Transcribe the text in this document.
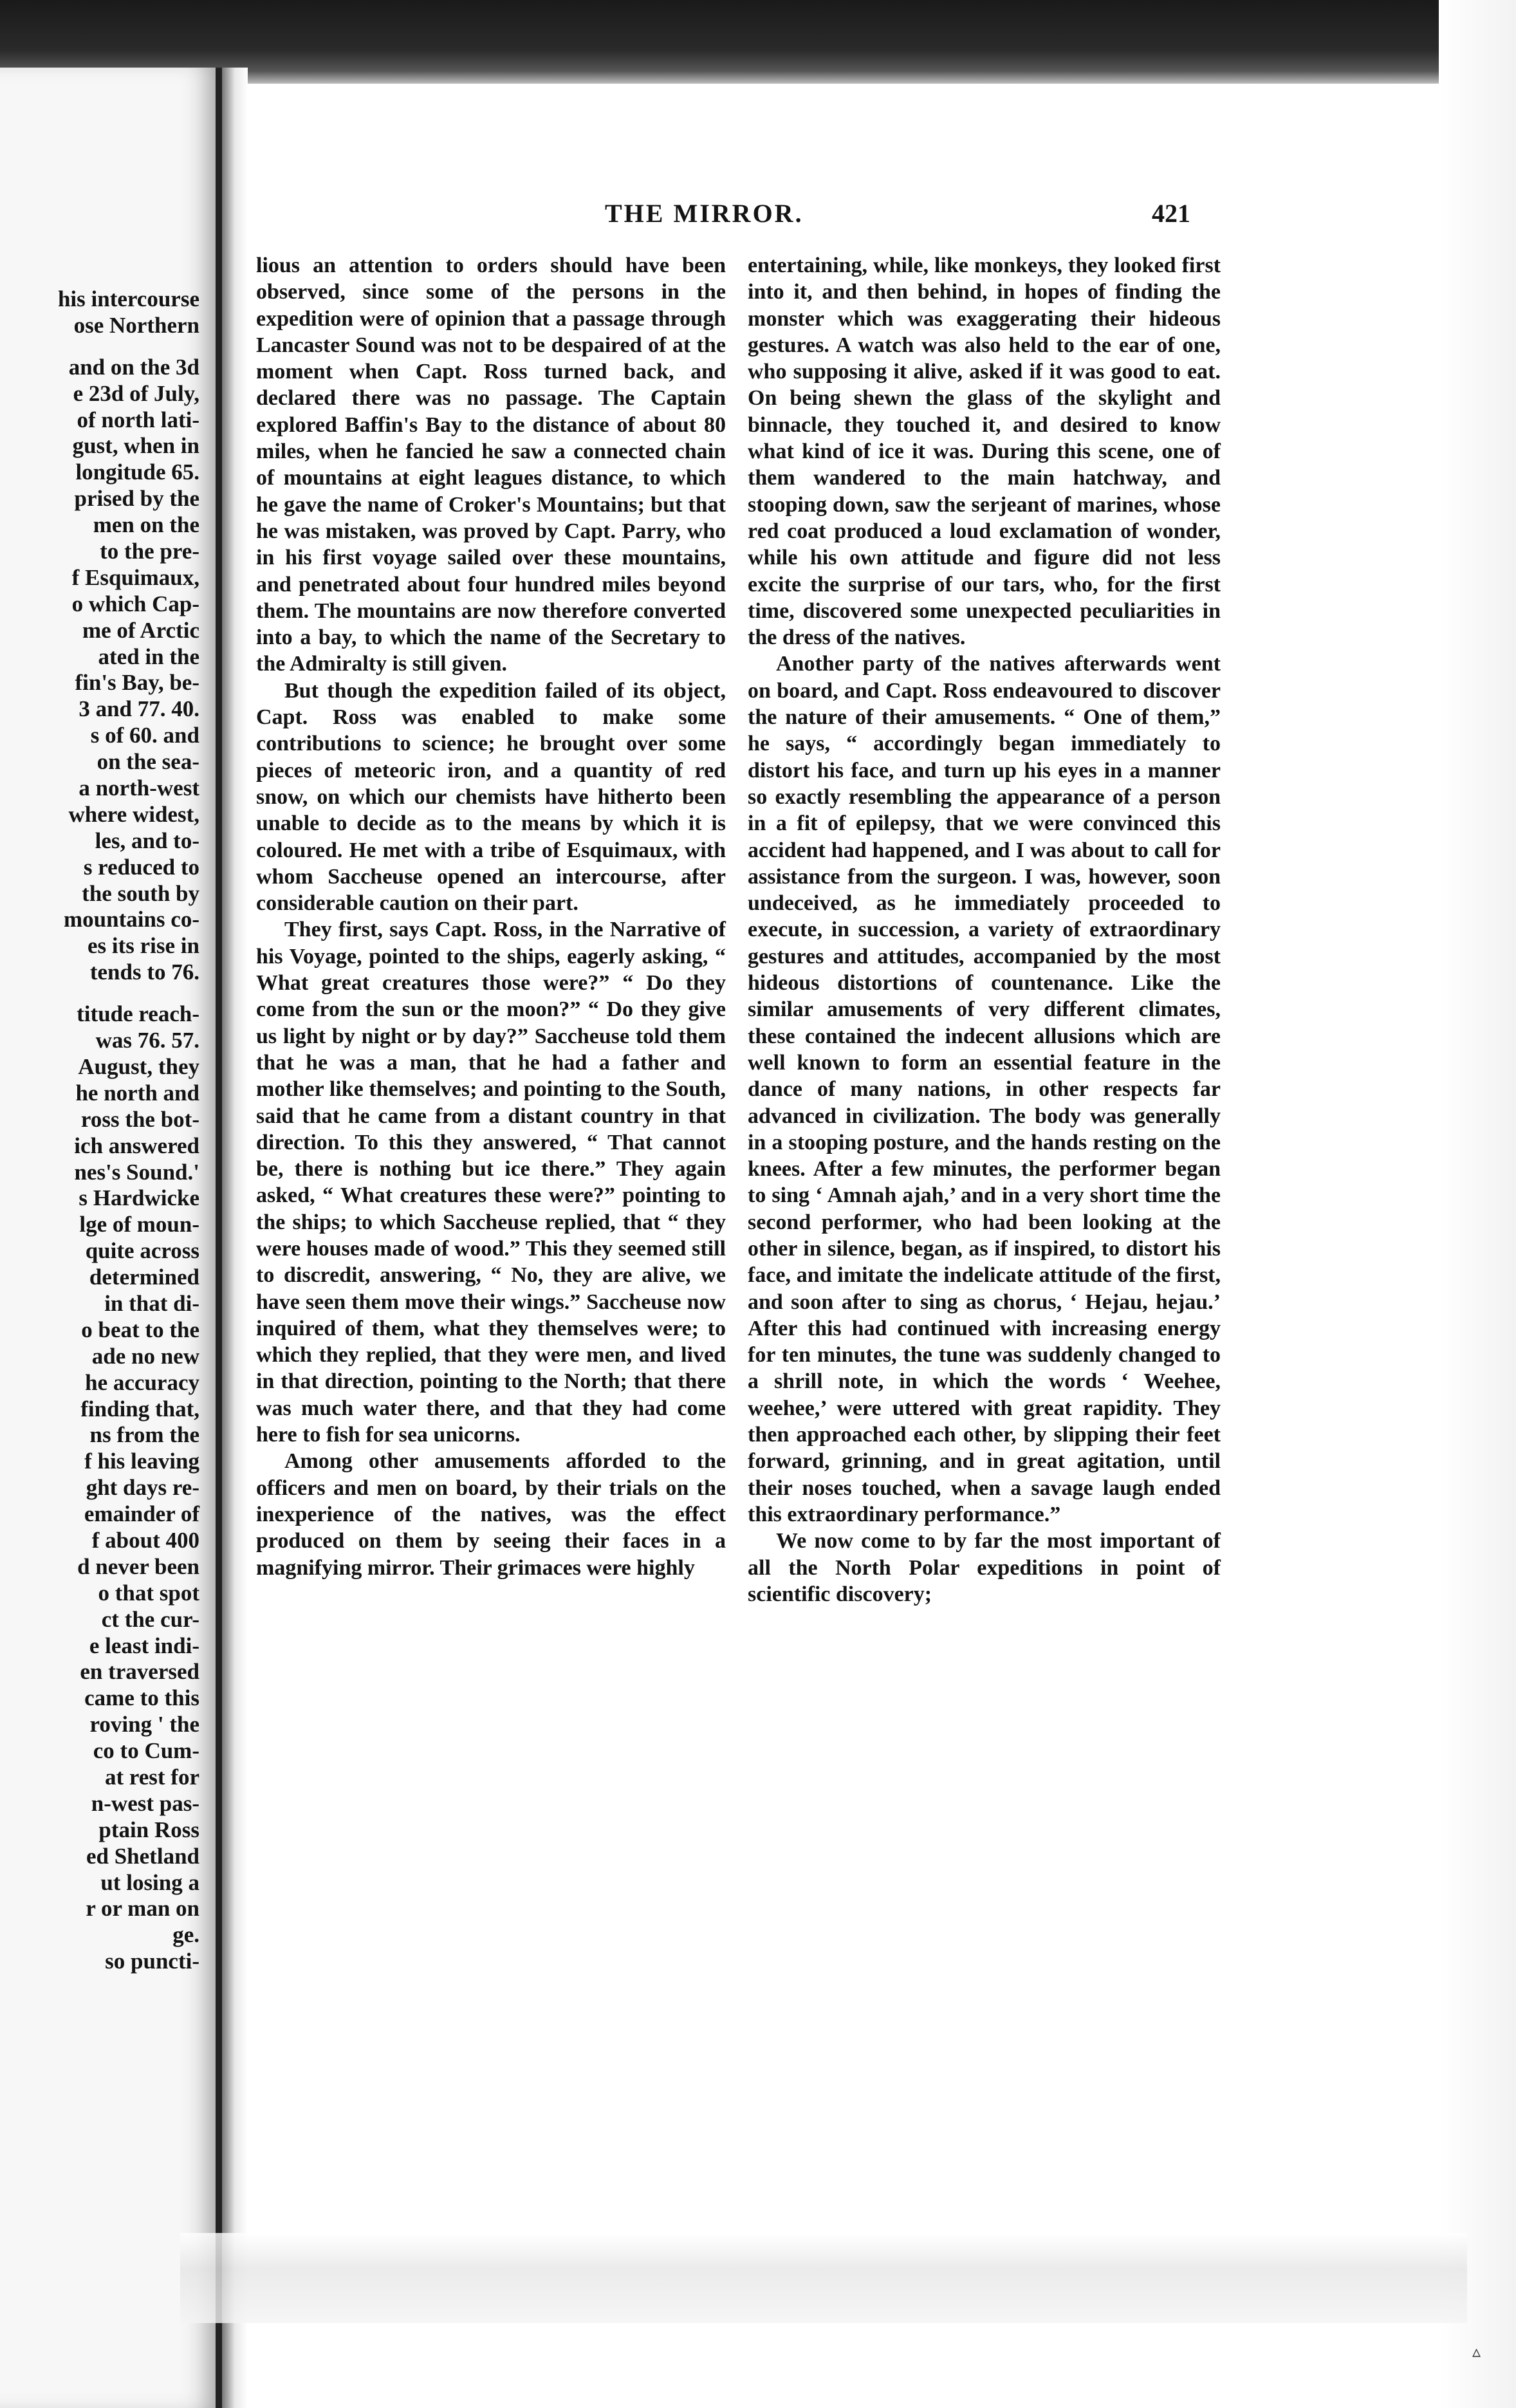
his intercourse
ose Northern
and on the 3d
e 23d of July,
of north lati-
gust, when in
longitude 65.
prised by the
men on the
to the pre-
f Esquimaux,
o which Cap-
me of Arctic
ated in the
fin's Bay, be-
3 and 77. 40.
s of 60. and
on the sea-
a north-west
where widest,
les, and to-
s reduced to
the south by
mountains co-
es its rise in
tends to 76.
titude reach-
was 76. 57.
August, they
he north and
ross the bot-
ich answered
nes's Sound.'
s Hardwicke
lge of moun-
quite across
determined
in that di-
o beat to the
ade no new
he accuracy
finding that,
ns from the
f his leaving
ght days re-
emainder of
f about 400
d never been
o that spot
ct the cur-
e least indi-
en traversed
came to this
roving ' the
co to Cum-
at rest for
n-west pas-
ptain Ross
ed Shetland
ut losing a
r or man on
ge.
so puncti-
THE MIRROR.	421

lious an attention to orders should have been observed, since some of the persons in the expedition were of opinion that a passage through Lancaster Sound was not to be despaired of at the moment when Capt. Ross turned back, and declared there was no passage. The Captain explored Baffin's Bay to the distance of about 80 miles, when he fancied he saw a connected chain of mountains at eight leagues distance, to which he gave the name of Croker's Mountains; but that he was mistaken, was proved by Capt. Parry, who in his first voyage sailed over these mountains, and penetrated about four hundred miles beyond them. The mountains are now therefore converted into a bay, to which the name of the Secretary to the Admiralty is still given.

But though the expedition failed of its object, Capt. Ross was enabled to make some contributions to science; he brought over some pieces of meteoric iron, and a quantity of red snow, on which our chemists have hitherto been unable to decide as to the means by which it is coloured. He met with a tribe of Esquimaux, with whom Saccheuse opened an intercourse, after considerable caution on their part.

They first, says Capt. Ross, in the Narrative of his Voyage, pointed to the ships, eagerly asking, “ What great creatures those were?” “ Do they come from the sun or the moon?” “ Do they give us light by night or by day?” Saccheuse told them that he was a man, that he had a father and mother like themselves; and pointing to the South, said that he came from a distant country in that direction. To this they answered, “ That cannot be, there is nothing but ice there.” They again asked, “ What creatures these were?” pointing to the ships; to which Saccheuse replied, that “ they were houses made of wood.” This they seemed still to discredit, answering, “ No, they are alive, we have seen them move their wings.” Saccheuse now inquired of them, what they themselves were; to which they replied, that they were men, and lived in that direction, pointing to the North; that there was much water there, and that they had come here to fish for sea unicorns.

Among other amusements afforded to the officers and men on board, by their trials on the inexperience of the natives, was the effect produced on them by seeing their faces in a magnifying mirror. Their grimaces were highly

entertaining, while, like monkeys, they looked first into it, and then behind, in hopes of finding the monster which was exaggerating their hideous gestures. A watch was also held to the ear of one, who supposing it alive, asked if it was good to eat. On being shewn the glass of the skylight and binnacle, they touched it, and desired to know what kind of ice it was. During this scene, one of them wandered to the main hatchway, and stooping down, saw the serjeant of marines, whose red coat produced a loud exclamation of wonder, while his own attitude and figure did not less excite the surprise of our tars, who, for the first time, discovered some unexpected peculiarities in the dress of the natives.

Another party of the natives afterwards went on board, and Capt. Ross endeavoured to discover the nature of their amusements. “ One of them,” he says, “ accordingly began immediately to distort his face, and turn up his eyes in a manner so exactly resembling the appearance of a person in a fit of epilepsy, that we were convinced this accident had happened, and I was about to call for assistance from the surgeon. I was, however, soon undeceived, as he immediately proceeded to execute, in succession, a variety of extraordinary gestures and attitudes, accompanied by the most hideous distortions of countenance. Like the similar amusements of very different climates, these contained the indecent allusions which are well known to form an essential feature in the dance of many nations, in other respects far advanced in civilization. The body was generally in a stooping posture, and the hands resting on the knees. After a few minutes, the performer began to sing ‘ Amnah ajah,’ and in a very short time the second performer, who had been looking at the other in silence, began, as if inspired, to distort his face, and imitate the indelicate attitude of the first, and soon after to sing as chorus, ‘ Hejau, hejau.’ After this had continued with increasing energy for ten minutes, the tune was suddenly changed to a shrill note, in which the words ‘ Weehee, weehee,’ were uttered with great rapidity. They then approached each other, by slipping their feet forward, grinning, and in great agitation, until their noses touched, when a savage laugh ended this extraordinary performance.”

We now come to by far the most important of all the North Polar expeditions in point of scientific discovery;

▵
